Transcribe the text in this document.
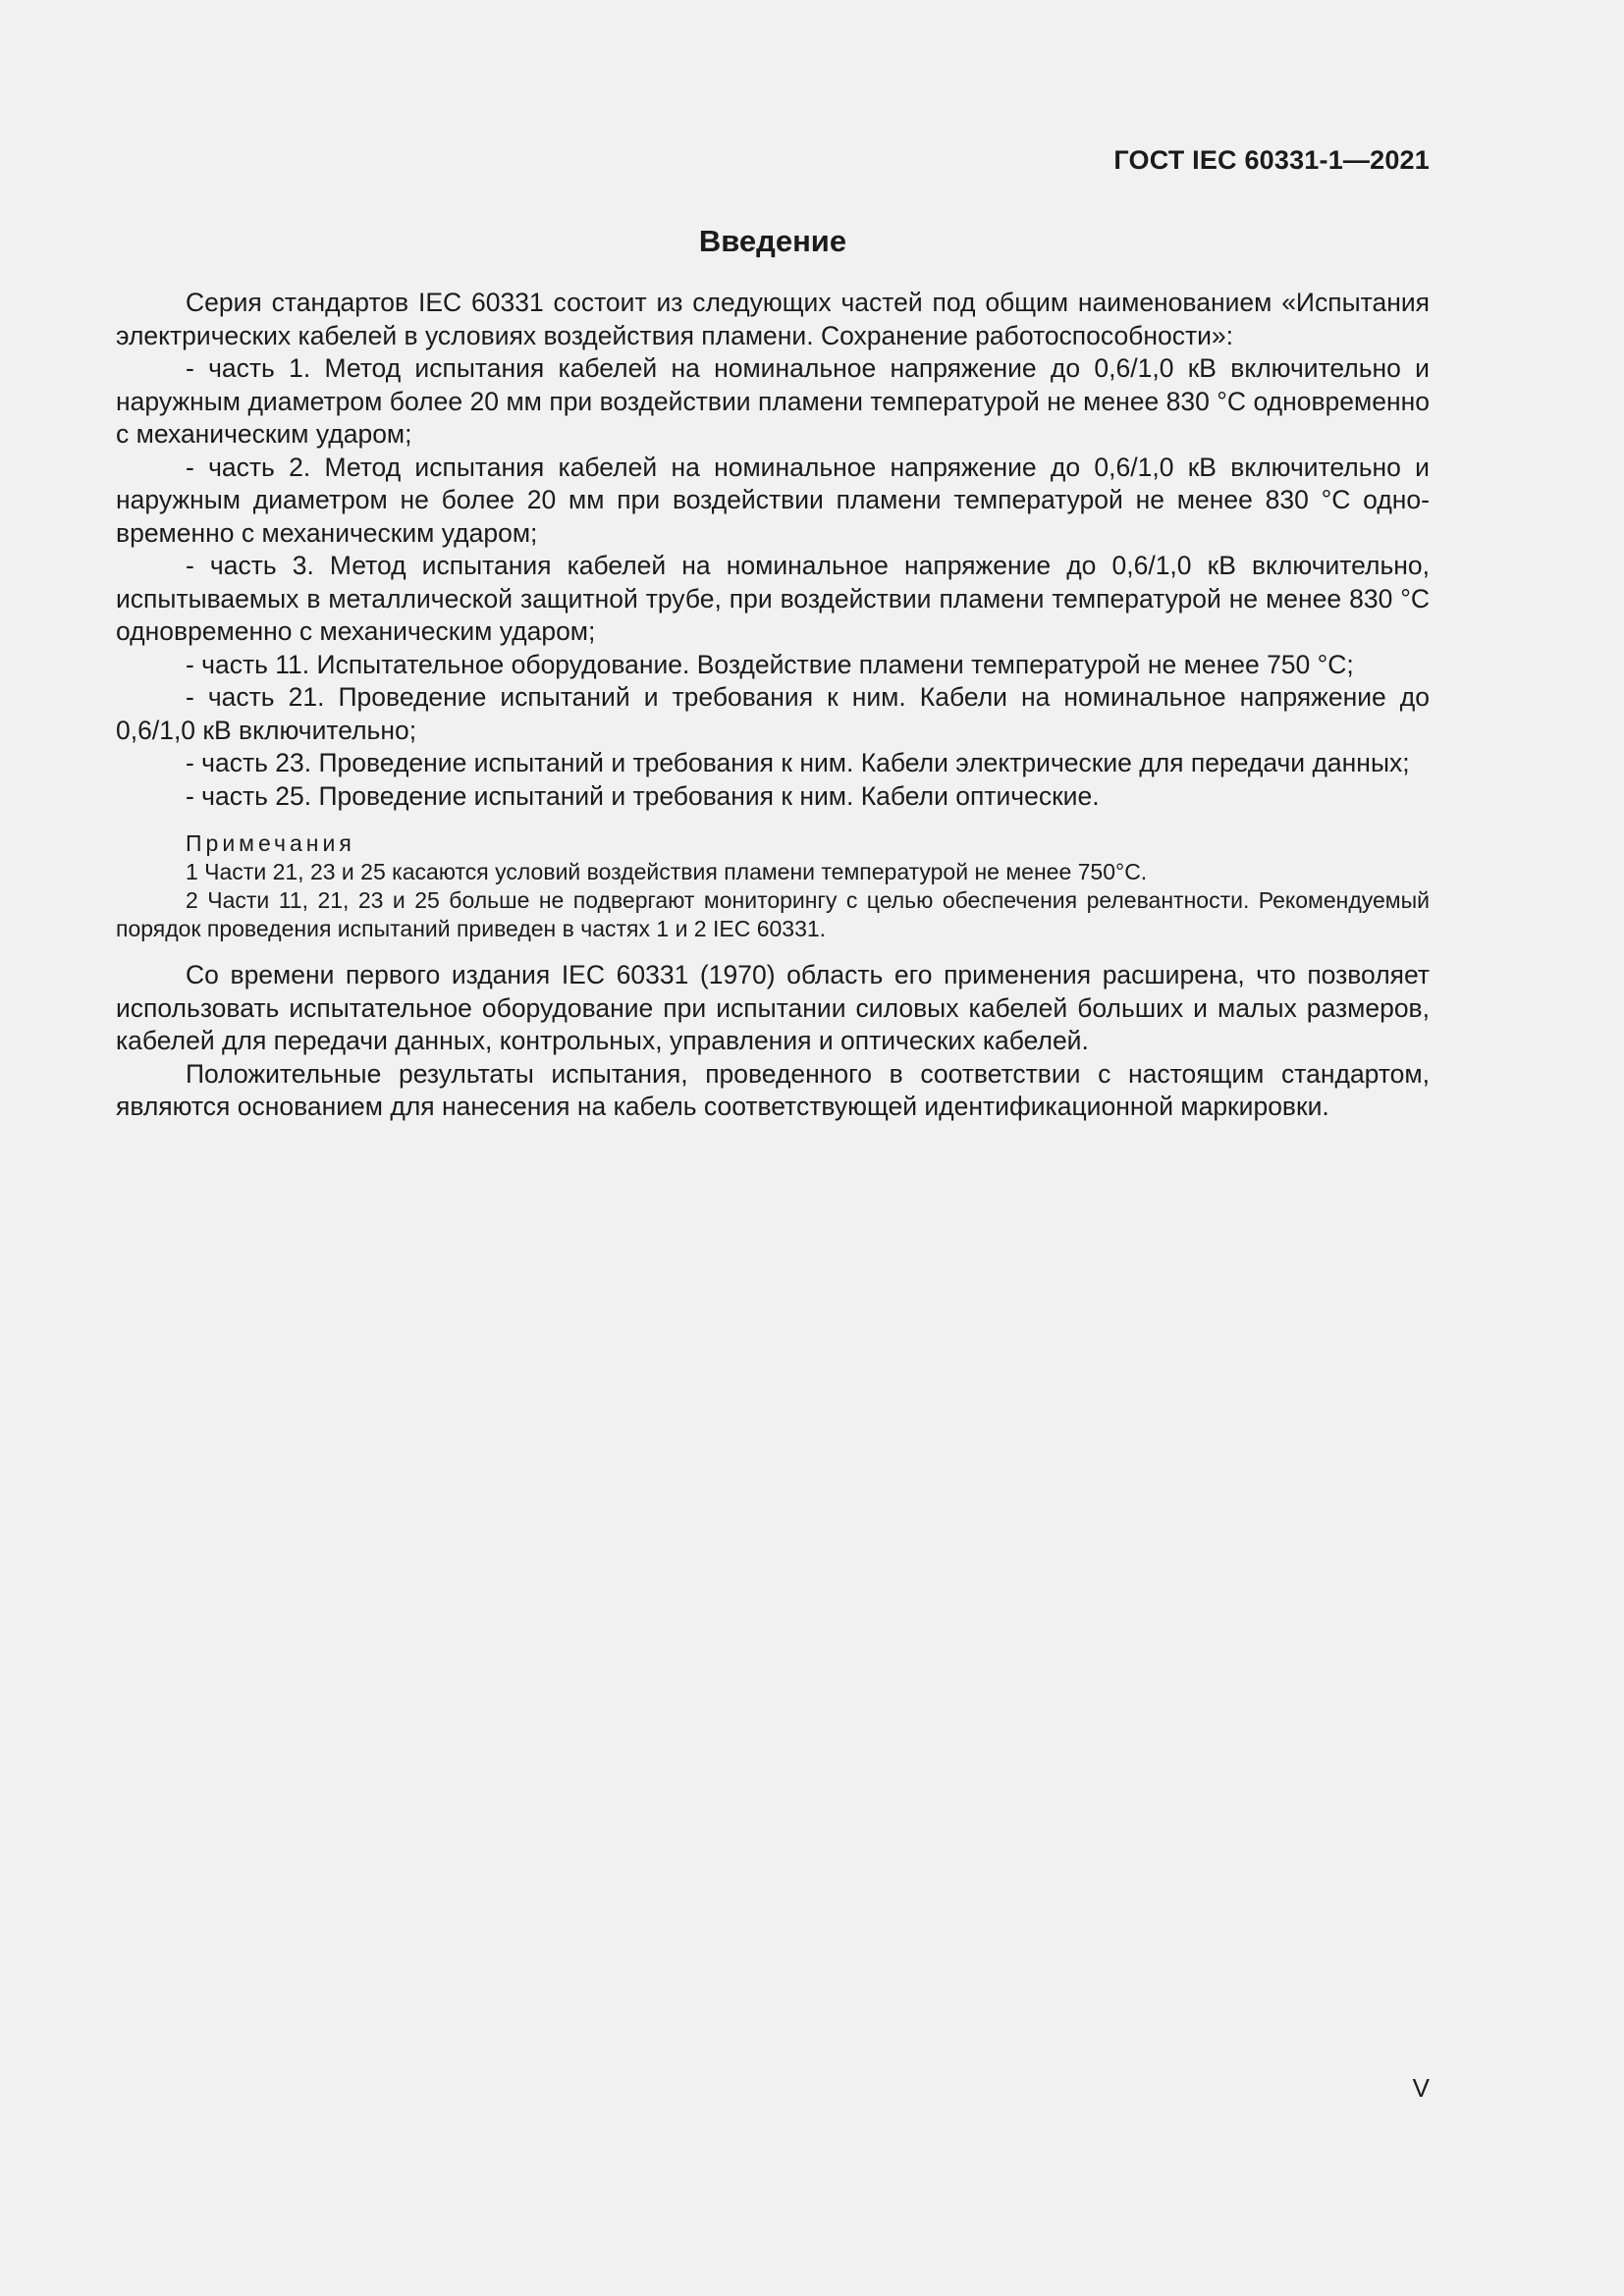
ГОСТ IEC 60331-1—2021
Введение

Серия стандартов IEC 60331 состоит из следующих частей под общим наименованием «Испытания электрических кабелей в условиях воздействия пламени. Сохранение работоспособности»:

- часть 1. Метод испытания кабелей на номинальное напряжение до 0,6/1,0 кВ включительно и наружным диаметром более 20 мм при воздействии пламени температурой не менее 830 °С одновременно с механическим ударом;

- часть 2. Метод испытания кабелей на номинальное напряжение до 0,6/1,0 кВ включительно и наружным диаметром не более 20 мм при воздействии пламени температурой не менее 830 °С одновременно с механическим ударом;

- часть 3. Метод испытания кабелей на номинальное напряжение до 0,6/1,0 кВ включительно, испытываемых в металлической защитной трубе, при воздействии пламени температурой не менее 830 °С одновременно с механическим ударом;

- часть 11. Испытательное оборудование. Воздействие пламени температурой не менее 750 °С;

- часть 21. Проведение испытаний и требования к ним. Кабели на номинальное напряжение до 0,6/1,0 кВ включительно;

- часть 23. Проведение испытаний и требования к ним. Кабели электрические для передачи данных;

- часть 25. Проведение испытаний и требования к ним. Кабели оптические.

Примечания

1 Части 21, 23 и 25 касаются условий воздействия пламени температурой не менее 750°С.

2 Части 11, 21, 23 и 25 больше не подвергают мониторингу с целью обеспечения релевантности. Рекомендуемый порядок проведения испытаний приведен в частях 1 и 2 IEC 60331.

Со времени первого издания IEC 60331 (1970) область его применения расширена, что позволяет использовать испытательное оборудование при испытании силовых кабелей больших и малых размеров, кабелей для передачи данных, контрольных, управления и оптических кабелей.

Положительные результаты испытания, проведенного в соответствии с настоящим стандартом, являются основанием для нанесения на кабель соответствующей идентификационной маркировки.

V
